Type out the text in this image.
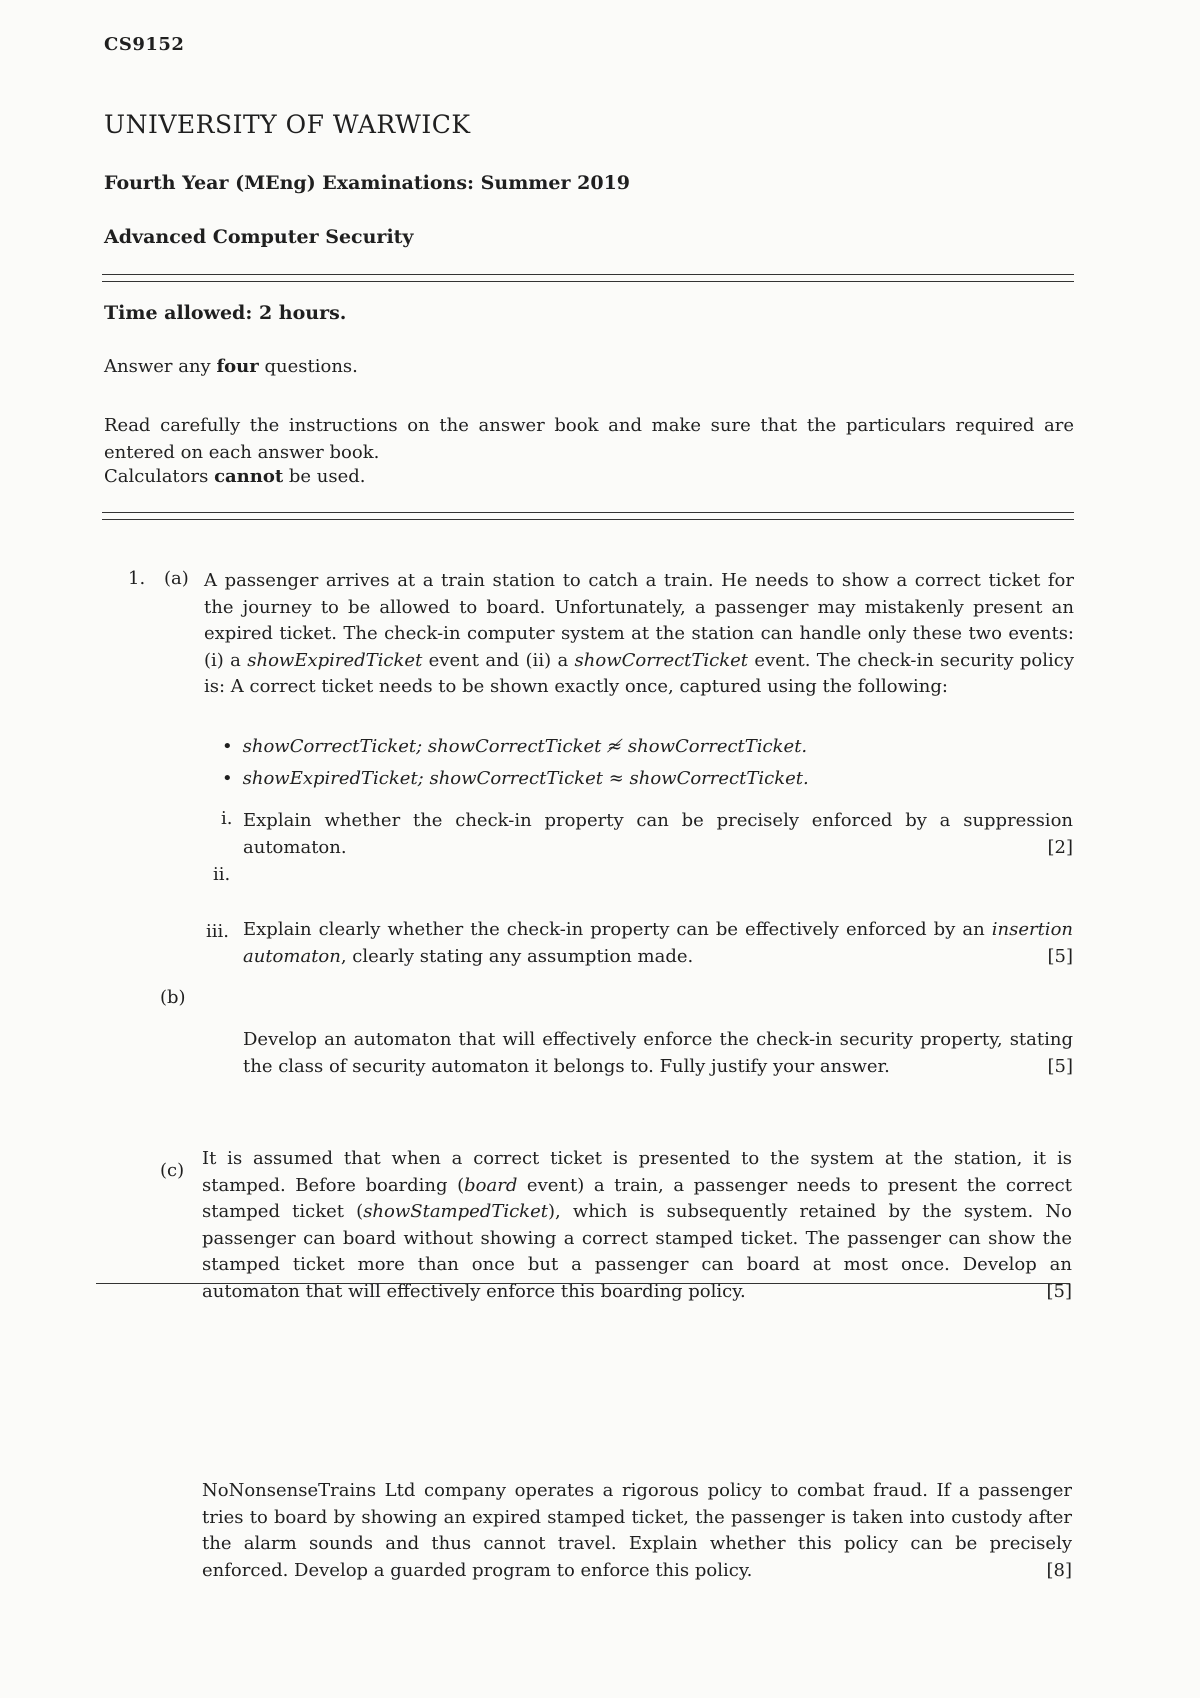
CS9152

UNIVERSITY OF WARWICK

Fourth Year (MEng) Examinations: Summer 2019

Advanced Computer Security

Time allowed: 2 hours.

Answer any four questions.

Read carefully the instructions on the answer book and make sure that the particulars required are entered on each answer book.

Calculators cannot be used.

1. (a) A passenger arrives at a train station to catch a train. He needs to show a correct ticket for the journey to be allowed to board. Unfortunately, a passenger may mistakenly present an expired ticket. The check-in computer system at the station can handle only these two events: (i) a showExpiredTicket event and (ii) a showCorrectTicket event. The check-in security policy is: A correct ticket needs to be shown exactly once, captured using the following:

• showCorrectTicket; showCorrectTicket ≉ showCorrectTicket.

• showExpiredTicket; showCorrectTicket ≈ showCorrectTicket.

i. Explain whether the check-in property can be precisely enforced by a suppression automaton.	[2]

ii.

Explain clearly whether the check-in property can be effectively enforced by an insertion automaton, clearly stating any assumption made.	[5]

iii.

Develop an automaton that will effectively enforce the check-in security property, stating the class of security automaton it belongs to. Fully justify your answer.	[5]

(b)

It is assumed that when a correct ticket is presented to the system at the station, it is stamped. Before boarding (board event) a train, a passenger needs to present the correct stamped ticket (showStampedTicket), which is subsequently retained by the system. No passenger can board without showing a correct stamped ticket. The passenger can show the stamped ticket more than once but a passenger can board at most once. Develop an automaton that will effectively enforce this boarding policy.	[5]

(c)

NoNonsenseTrains Ltd company operates a rigorous policy to combat fraud. If a passenger tries to board by showing an expired stamped ticket, the passenger is taken into custody after the alarm sounds and thus cannot travel. Explain whether this policy can be precisely enforced. Develop a guarded program to enforce this policy.	[8]
